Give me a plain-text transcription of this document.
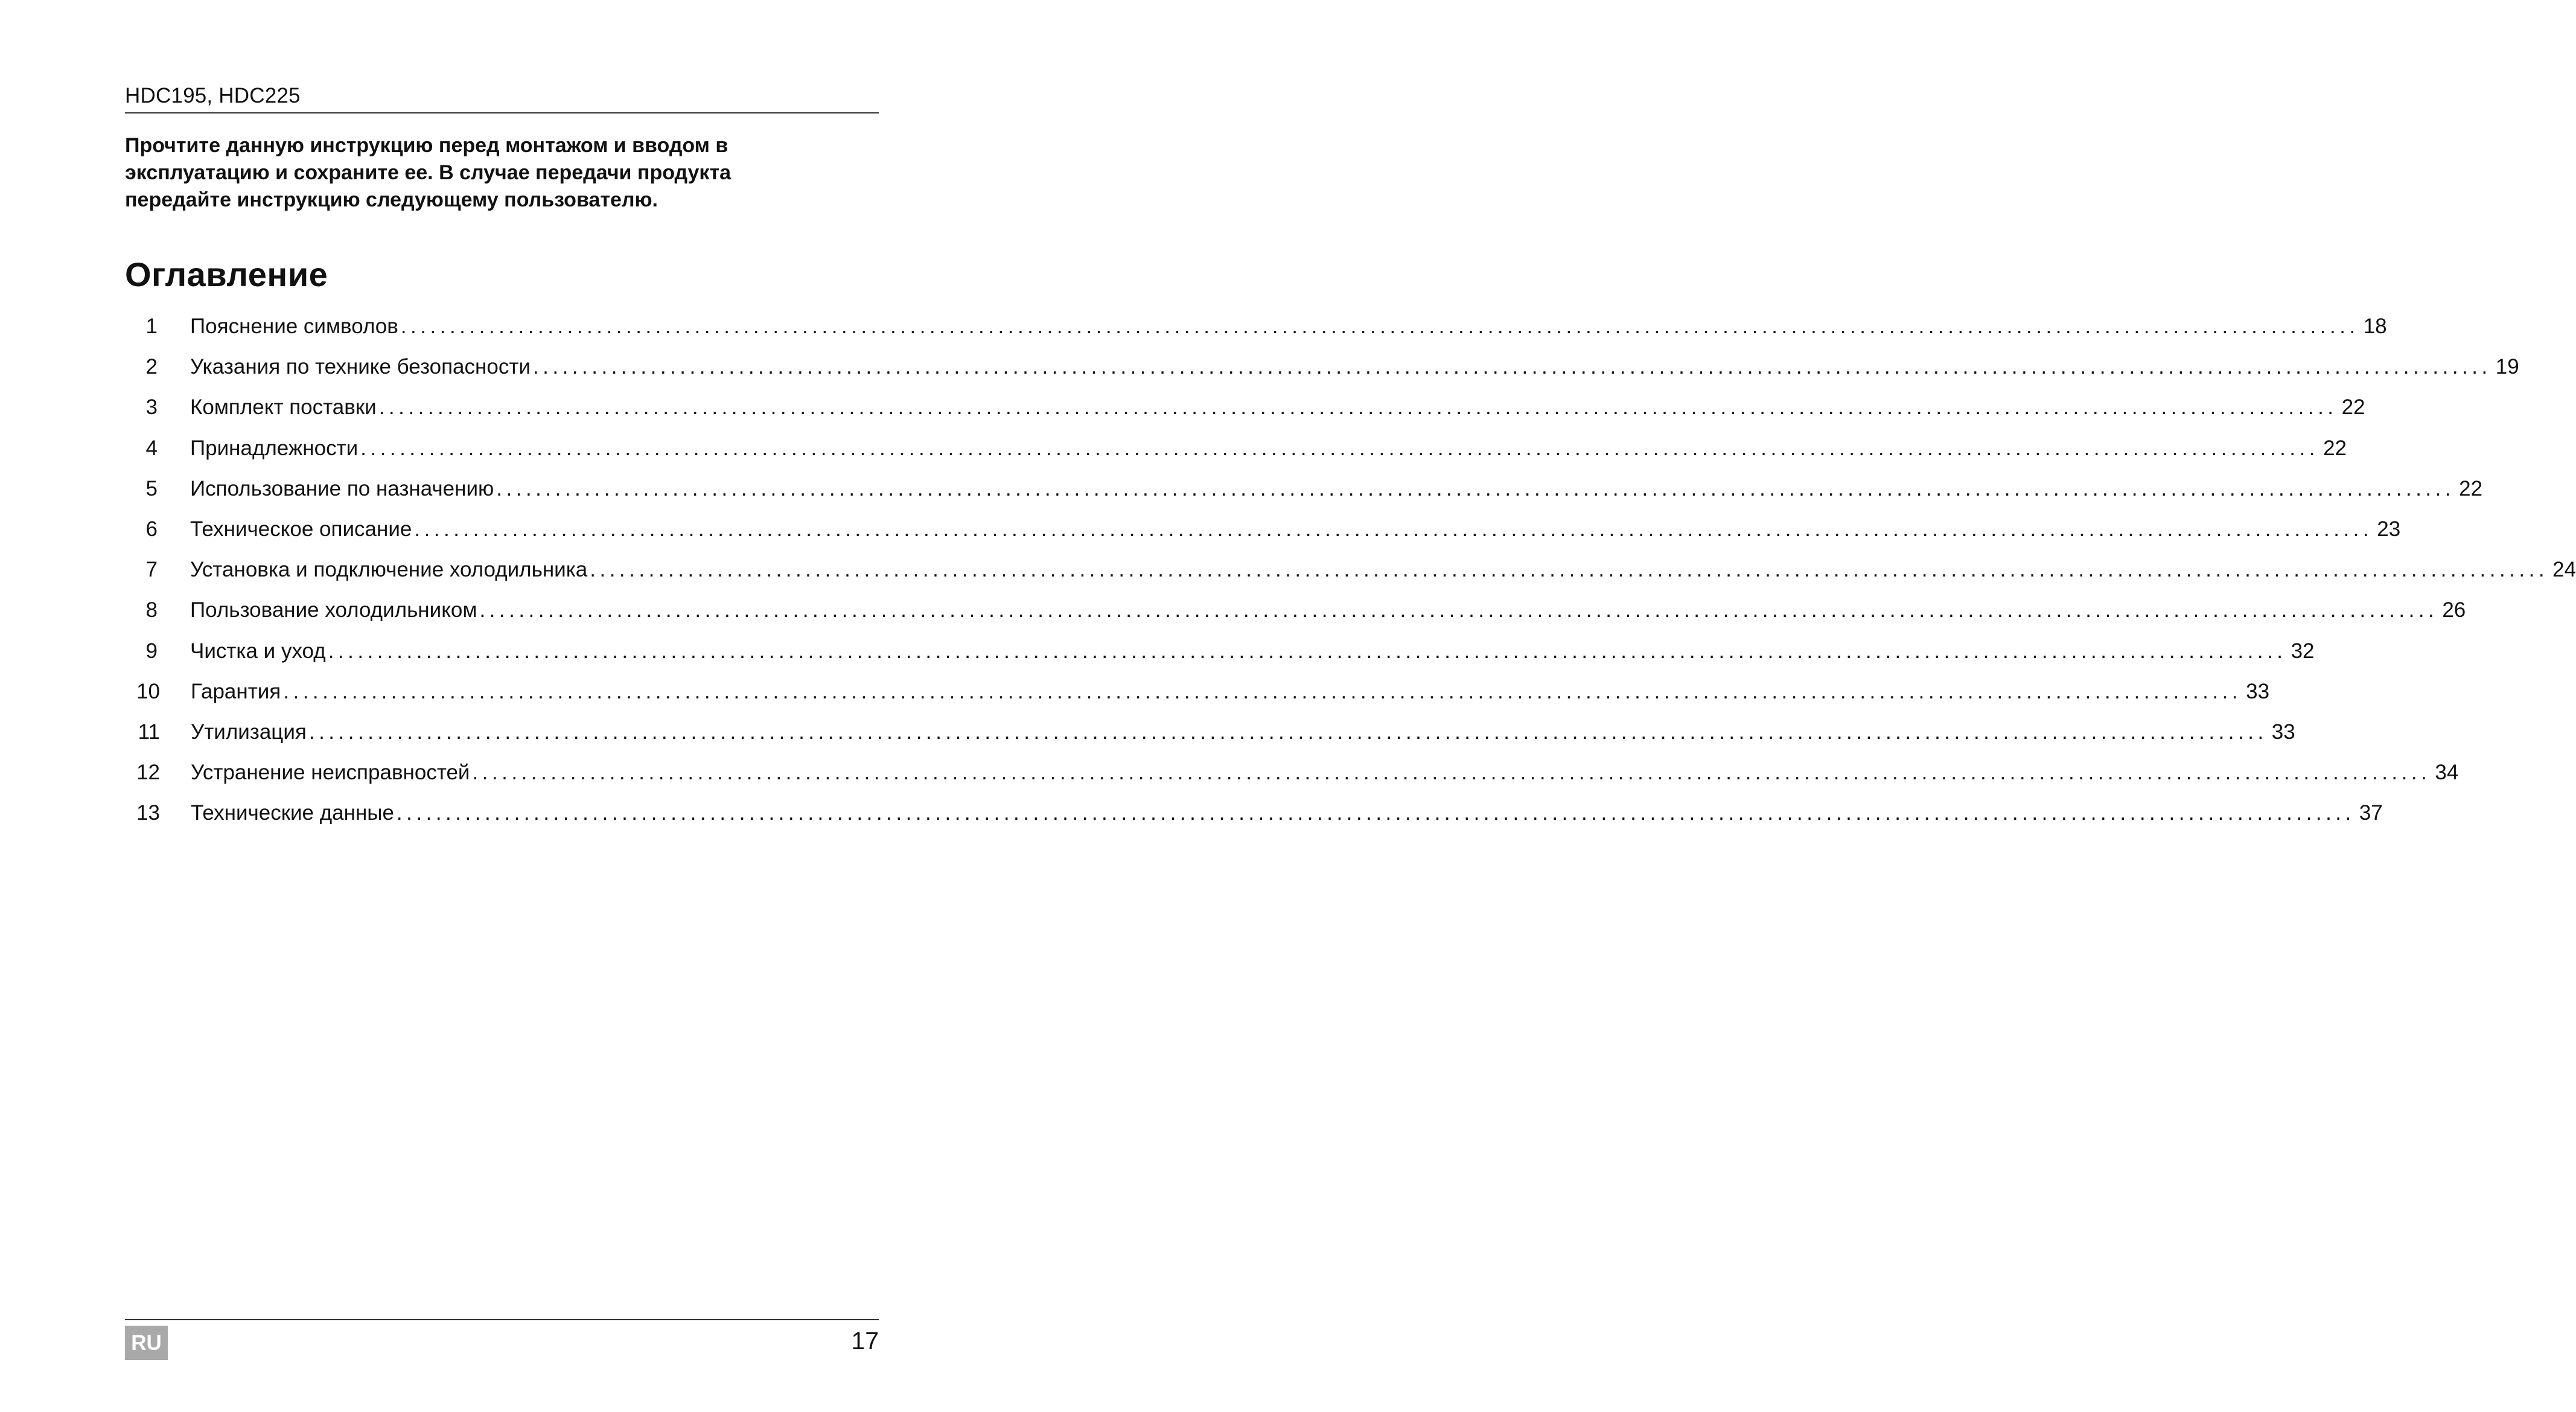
HDC195, HDC225

Прочтите данную инструкцию перед монтажом и вводом в
эксплуатацию и сохраните ее. В случае передачи продукта
передайте инструкцию следующему пользователю.

Оглавление
1 Пояснение символов ........................................................................................................................................................................................................ 18
2 Указания по технике безопасности ........................................................................................................................................................................................................ 19
3 Комплект поставки ........................................................................................................................................................................................................ 22
4 Принадлежности ........................................................................................................................................................................................................ 22
5 Использование по назначению ........................................................................................................................................................................................................ 22
6 Техническое описание ........................................................................................................................................................................................................ 23
7 Установка и подключение холодильника ........................................................................................................................................................................................................ 24
8 Пользование холодильником ........................................................................................................................................................................................................ 26
9 Чистка и уход ........................................................................................................................................................................................................ 32
10 Гарантия ........................................................................................................................................................................................................ 33
11 Утилизация ........................................................................................................................................................................................................ 33
12 Устранение неисправностей ........................................................................................................................................................................................................ 34
13 Технические данные ........................................................................................................................................................................................................ 37
RU	17
